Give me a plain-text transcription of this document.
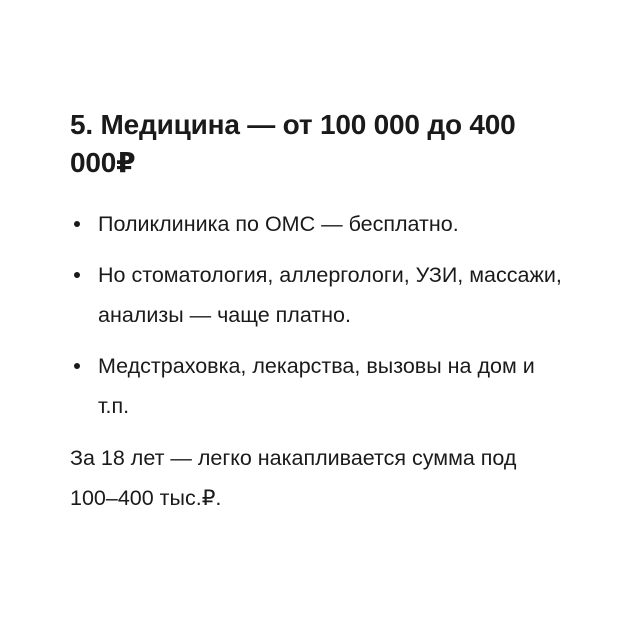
5. Медицина — от 100 000 до 400 000₽
Поликлиника по ОМС — бесплатно.
Но стоматология, аллергологи, УЗИ, массажи, анализы — чаще платно.
Медстраховка, лекарства, вызовы на дом и т.п.

За 18 лет — легко накапливается сумма под 100–400 тыс.₽.
